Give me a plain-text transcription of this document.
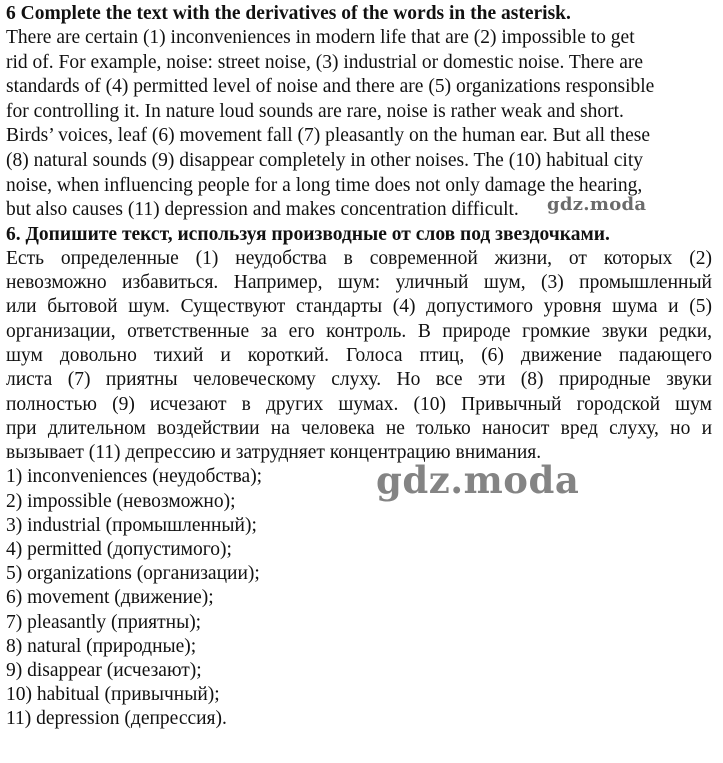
6 Complete the text with the derivatives of the words in the asterisk.

There are certain (1) inconveniences in modern life that are (2) impossible to get
rid of. For example, noise: street noise, (3) industrial or domestic noise. There are
standards of (4) permitted level of noise and there are (5) organizations responsible
for controlling it. In nature loud sounds are rare, noise is rather weak and short.
Birds’ voices, leaf (6) movement fall (7) pleasantly on the human ear. But all these
(8) natural sounds (9) disappear completely in other noises. The (10) habitual city
noise, when influencing people for a long time does not only damage the hearing,
but also causes (11) depression and makes concentration difficult.

6. Допишите текст, используя производные от слов под звездочками.

Есть определенные (1) неудобства в современной жизни, от которых (2)
невозможно избавиться. Например, шум: уличный шум, (3) промышленный
или бытовой шум. Существуют стандарты (4) допустимого уровня шума и (5)
организации, ответственные за его контроль. В природе громкие звуки редки,
шум довольно тихий и короткий. Голоса птиц, (6) движение падающего
листа (7) приятны человеческому слуху. Но все эти (8) природные звуки
полностью (9) исчезают в других шумах. (10) Привычный городской шум
при длительном воздействии на человека не только наносит вред слуху, но и
вызывает (11) депрессию и затрудняет концентрацию внимания.

1) inconveniences (неудобства);
2) impossible (невозможно);
3) industrial (промышленный);
4) permitted (допустимого);
5) organizations (организации);
6) movement (движение);
7) pleasantly (приятны);
8) natural (природные);
9) disappear (исчезают);
10) habitual (привычный);
11) depression (депрессия).
gdz.moda
gdz.moda
